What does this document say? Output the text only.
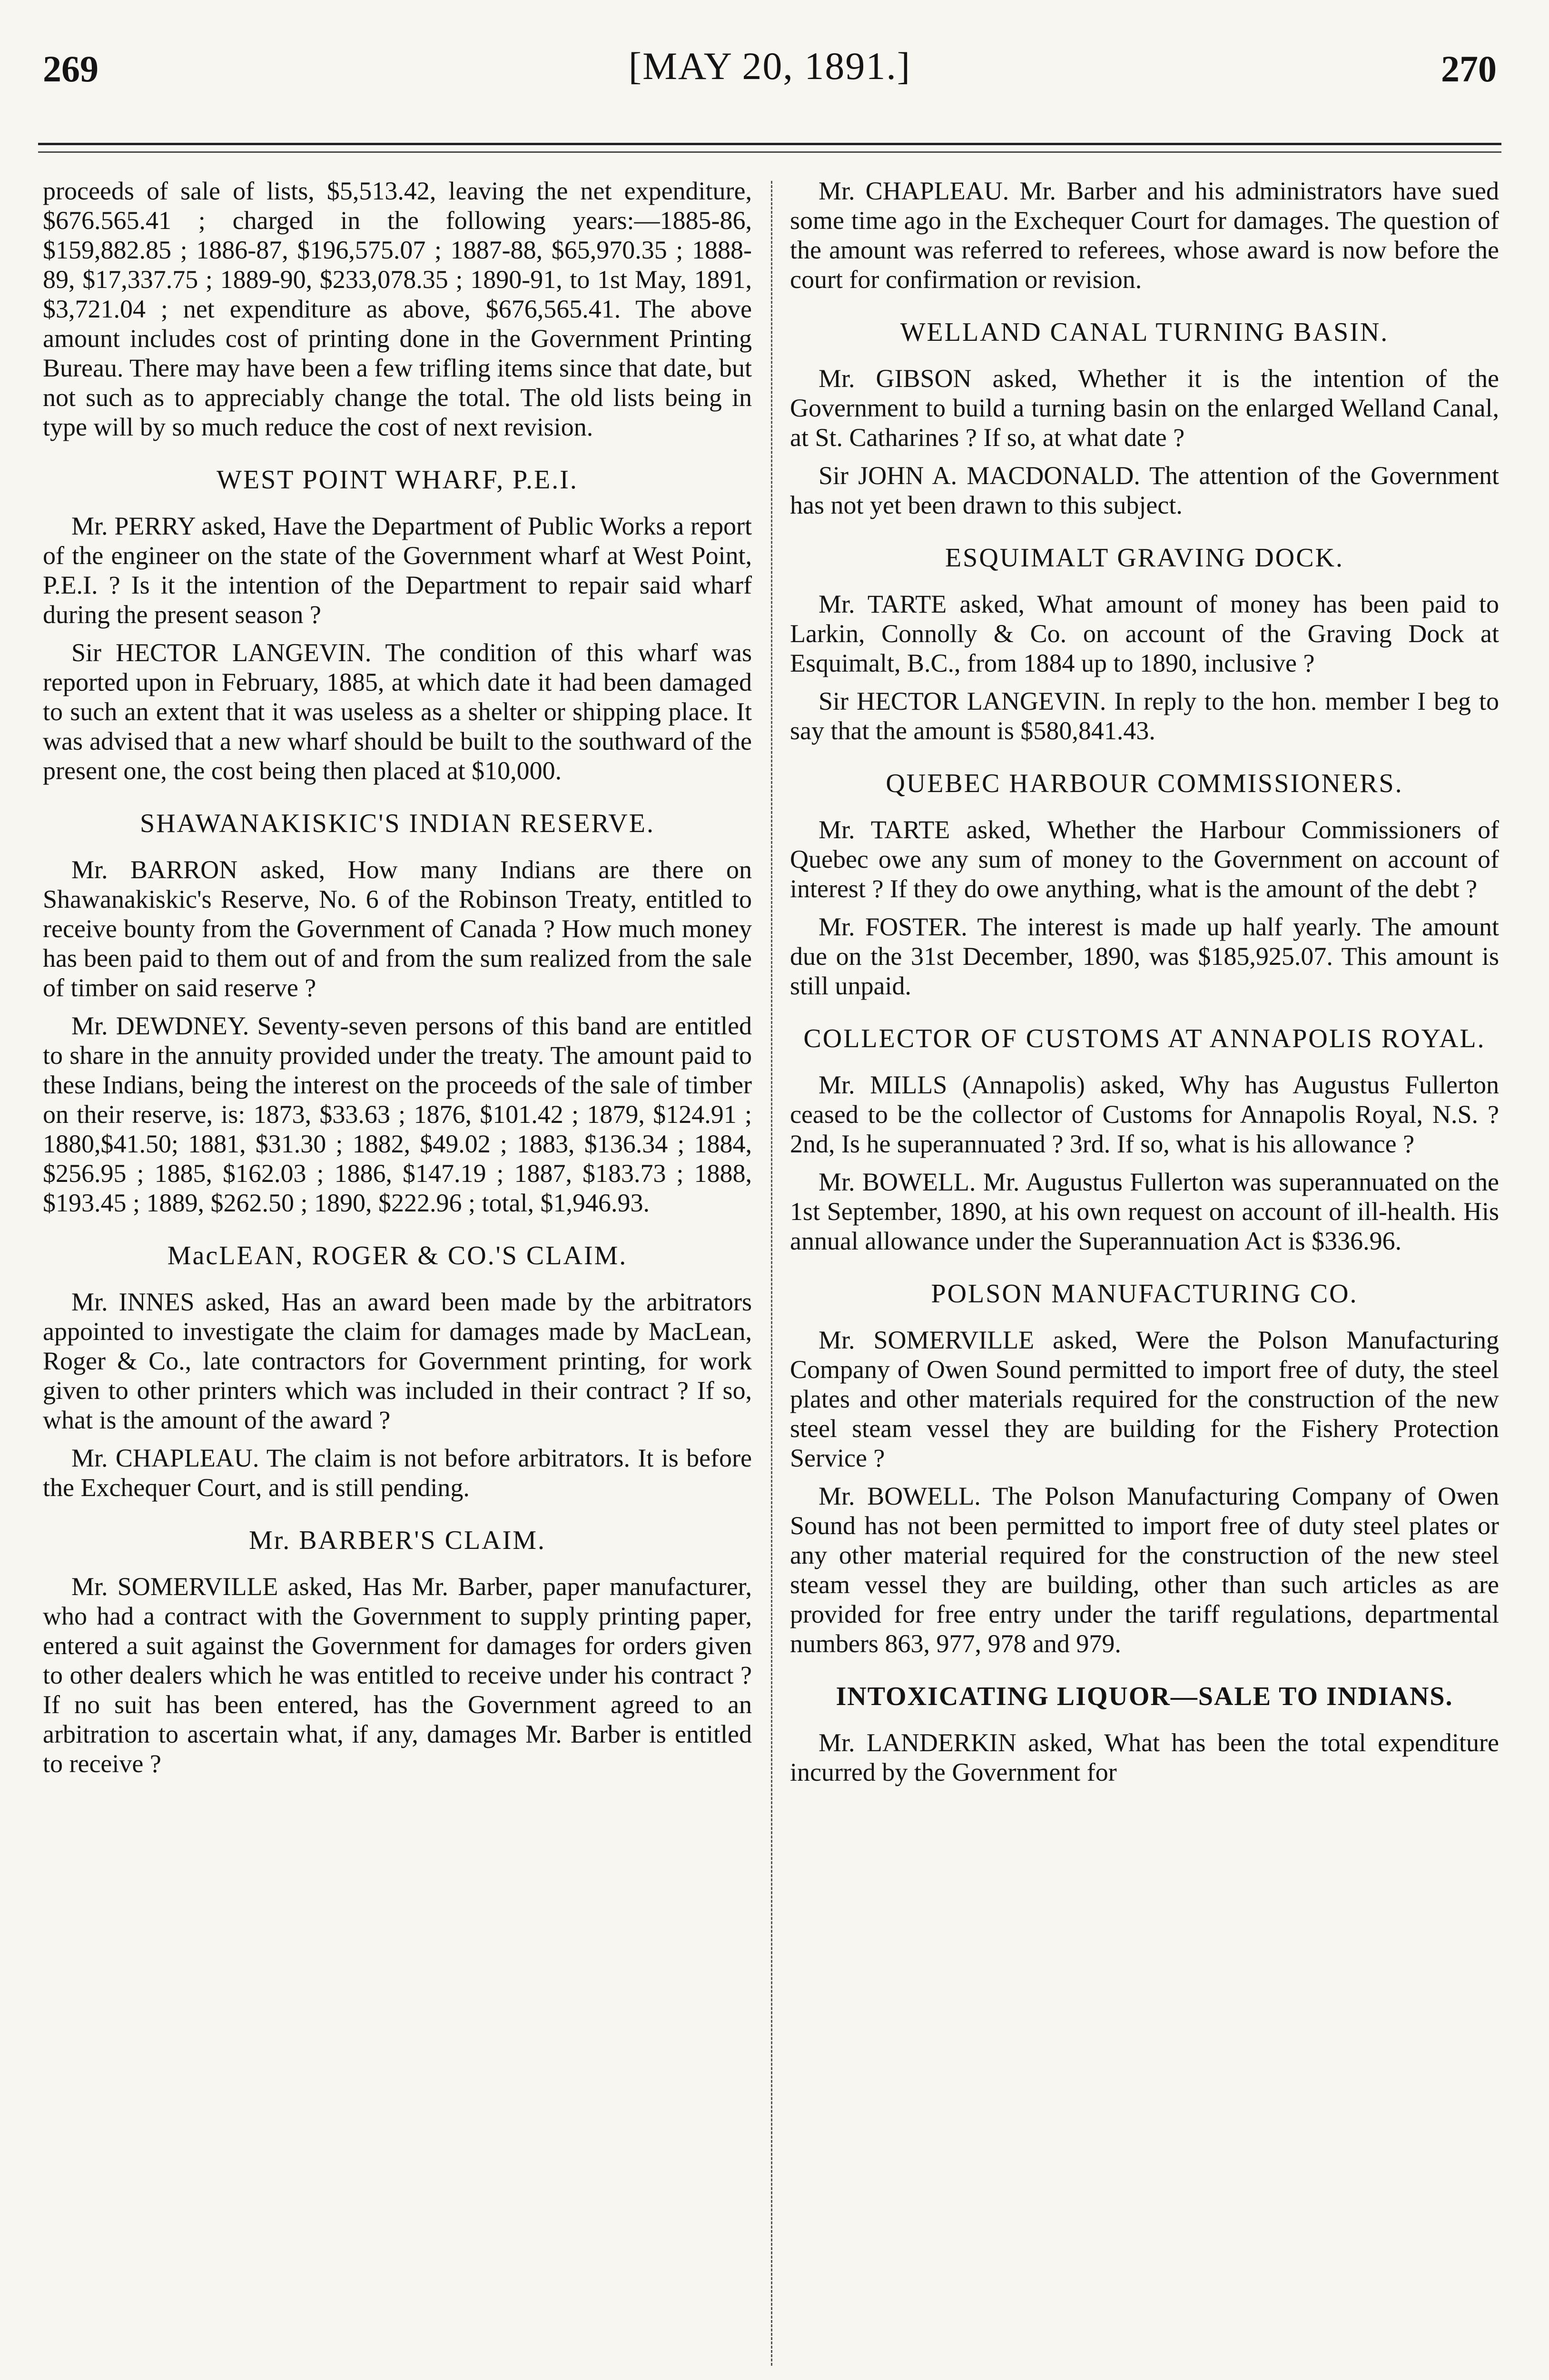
269	[MAY 20, 1891.]	270

proceeds of sale of lists, $5,513.42, leaving the net expenditure, $676.565.41 ; charged in the following years:—1885-86, $159,882.85 ; 1886-87, $196,575.07 ; 1887-88, $65,970.35 ; 1888-89, $17,337.75 ; 1889-90, $233,078.35 ; 1890-91, to 1st May, 1891, $3,721.04 ; net expenditure as above, $676,565.41. The above amount includes cost of printing done in the Government Printing Bureau. There may have been a few trifling items since that date, but not such as to appreciably change the total. The old lists being in type will by so much reduce the cost of next revision.

WEST POINT WHARF, P.E.I.

Mr. PERRY asked, Have the Department of Public Works a report of the engineer on the state of the Government wharf at West Point, P.E.I. ? Is it the intention of the Department to repair said wharf during the present season ?

Sir HECTOR LANGEVIN. The condition of this wharf was reported upon in February, 1885, at which date it had been damaged to such an extent that it was useless as a shelter or shipping place. It was advised that a new wharf should be built to the southward of the present one, the cost being then placed at $10,000.

SHAWANAKISKIC'S INDIAN RESERVE.

Mr. BARRON asked, How many Indians are there on Shawanakiskic's Reserve, No. 6 of the Robinson Treaty, entitled to receive bounty from the Government of Canada ? How much money has been paid to them out of and from the sum realized from the sale of timber on said reserve ?

Mr. DEWDNEY. Seventy-seven persons of this band are entitled to share in the annuity provided under the treaty. The amount paid to these Indians, being the interest on the proceeds of the sale of timber on their reserve, is: 1873, $33.63 ; 1876, $101.42 ; 1879, $124.91 ; 1880,$41.50; 1881, $31.30 ; 1882, $49.02 ; 1883, $136.34 ; 1884, $256.95 ; 1885, $162.03 ; 1886, $147.19 ; 1887, $183.73 ; 1888, $193.45 ; 1889, $262.50 ; 1890, $222.96 ; total, $1,946.93.

MacLEAN, ROGER & CO.'S CLAIM.

Mr. INNES asked, Has an award been made by the arbitrators appointed to investigate the claim for damages made by MacLean, Roger & Co., late contractors for Government printing, for work given to other printers which was included in their contract ? If so, what is the amount of the award ?

Mr. CHAPLEAU. The claim is not before arbitrators. It is before the Exchequer Court, and is still pending.

Mr. BARBER'S CLAIM.

Mr. SOMERVILLE asked, Has Mr. Barber, paper manufacturer, who had a contract with the Government to supply printing paper, entered a suit against the Government for damages for orders given to other dealers which he was entitled to receive under his contract ? If no suit has been entered, has the Government agreed to an arbitration to ascertain what, if any, damages Mr. Barber is entitled to receive ?

Mr. CHAPLEAU. Mr. Barber and his administrators have sued some time ago in the Exchequer Court for damages. The question of the amount was referred to referees, whose award is now before the court for confirmation or revision.

WELLAND CANAL TURNING BASIN.

Mr. GIBSON asked, Whether it is the intention of the Government to build a turning basin on the enlarged Welland Canal, at St. Catharines ? If so, at what date ?

Sir JOHN A. MACDONALD. The attention of the Government has not yet been drawn to this subject.

ESQUIMALT GRAVING DOCK.

Mr. TARTE asked, What amount of money has been paid to Larkin, Connolly & Co. on account of the Graving Dock at Esquimalt, B.C., from 1884 up to 1890, inclusive ?

Sir HECTOR LANGEVIN. In reply to the hon. member I beg to say that the amount is $580,841.43.

QUEBEC HARBOUR COMMISSIONERS.

Mr. TARTE asked, Whether the Harbour Commissioners of Quebec owe any sum of money to the Government on account of interest ? If they do owe anything, what is the amount of the debt ?

Mr. FOSTER. The interest is made up half yearly. The amount due on the 31st December, 1890, was $185,925.07. This amount is still unpaid.

COLLECTOR OF CUSTOMS AT ANNAPOLIS ROYAL.

Mr. MILLS (Annapolis) asked, Why has Augustus Fullerton ceased to be the collector of Customs for Annapolis Royal, N.S. ? 2nd, Is he superannuated ? 3rd. If so, what is his allowance ?

Mr. BOWELL. Mr. Augustus Fullerton was superannuated on the 1st September, 1890, at his own request on account of ill-health. His annual allowance under the Superannuation Act is $336.96.

POLSON MANUFACTURING CO.

Mr. SOMERVILLE asked, Were the Polson Manufacturing Company of Owen Sound permitted to import free of duty, the steel plates and other materials required for the construction of the new steel steam vessel they are building for the Fishery Protection Service ?

Mr. BOWELL. The Polson Manufacturing Company of Owen Sound has not been permitted to import free of duty steel plates or any other material required for the construction of the new steel steam vessel they are building, other than such articles as are provided for free entry under the tariff regulations, departmental numbers 863, 977, 978 and 979.

INTOXICATING LIQUOR—SALE TO INDIANS.

Mr. LANDERKIN asked, What has been the total expenditure incurred by the Government for
